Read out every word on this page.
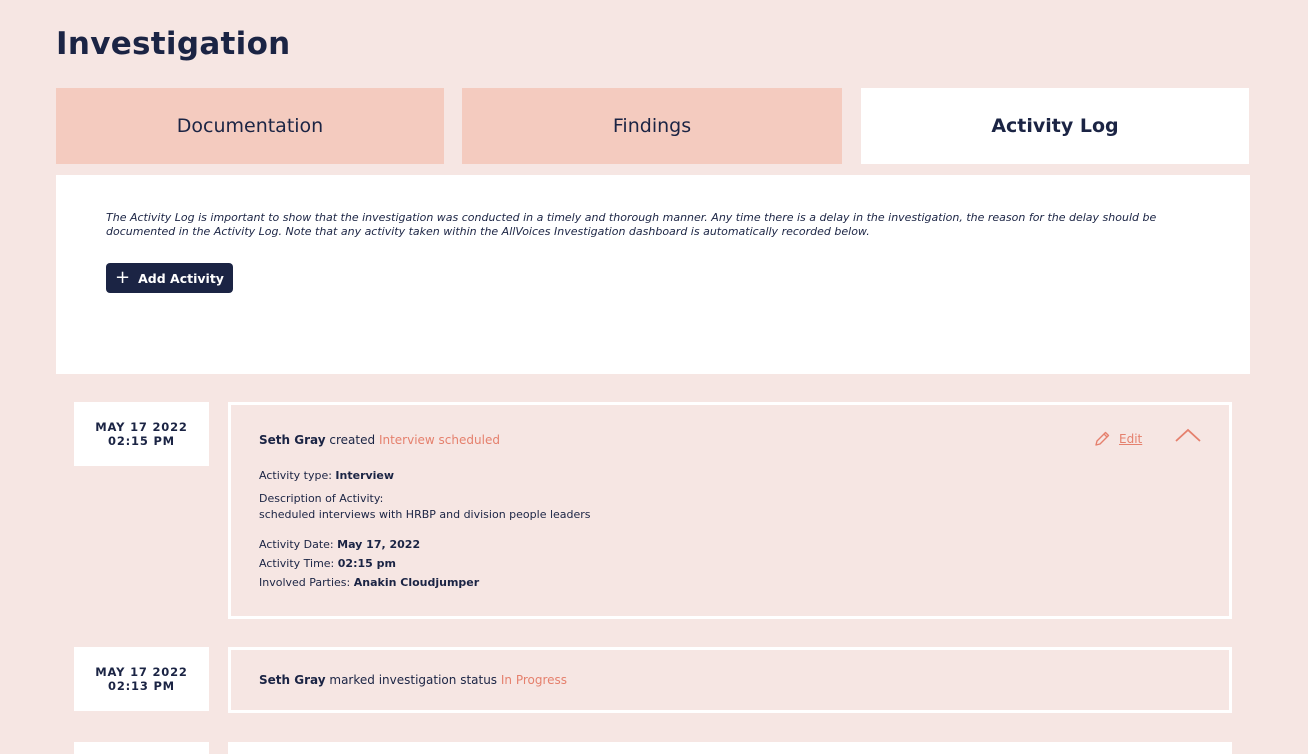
Investigation
Documentation	Findings	Activity Log
The Activity Log is important to show that the investigation was conducted in a timely and thorough manner. Any time there is a delay in the investigation, the reason for the delay should be documented in the Activity Log. Note that any activity taken within the AllVoices Investigation dashboard is automatically recorded below.
+ Add Activity
MAY 17 2022
02:15 PM	Seth Gray created Interview scheduled	Edit
Activity type: Interview
Description of Activity:
scheduled interviews with HRBP and division people leaders
Activity Date: May 17, 2022
Activity Time: 02:15 pm
Involved Parties: Anakin Cloudjumper
MAY 17 2022
02:13 PM	Seth Gray marked investigation status In Progress
